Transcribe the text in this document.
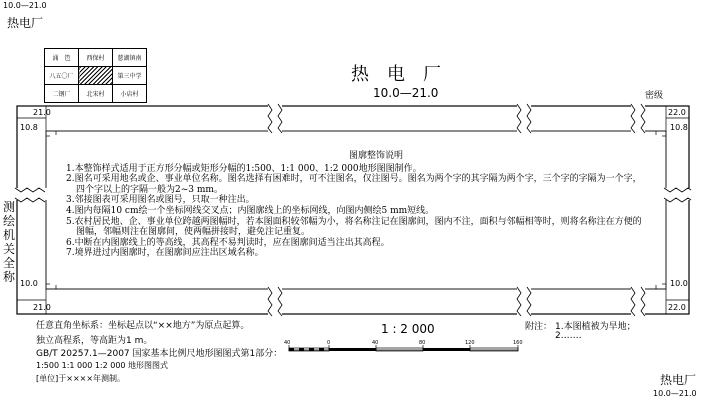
10.0—21.0
热电厂
涌　笆	西保村	慈湖镇南
八五〇厂		第三中学
二钢厂	北宋村	小店村
热　电　厂
10.0—21.0	密级
21.0
10.8
22.0
10.8
10.0
21.0
10.0
22.0
测绘机关全称
图廓整饰说明
1.本整饰样式适用于正方形分幅或矩形分幅的1:500、1:1 000、1:2 000地形图图制作。
2.图名可采用地名或企、事业单位名称。图名选择有困难时，可不注图名，仅注图号。图名为两个字的其字隔为两个字，三个字的字隔为一个字，
四个字以上的字隔一般为2~3 mm。
3.邻接图表可采用图名或图号，只取一种注出。
4.图内每隔10 cm绘一个坐标网线交叉点；内图廓线上的坐标网线，向图内侧绘5 mm短线。
5.农村居民地、企、事业单位跨越两图幅时，若本图面积较邻幅为小，将名称注记在图廓间，图内不注，面积与邻幅相等时，则将名称注在方便的
图幅，邻幅则注在图廓间，使两幅拼接时，避免注记重复。
6.中断在内图廓线上的等高线，其高程不易判读时，应在图廓间适当注出其高程。
7.境界进过内图廓时，在图廓间应注出区域名称。
任意直角坐标系：坐标起点以“××地方”为原点起算。
独立高程系，等高距为1 m。
GB/T 20257.1—2007 国家基本比例尺地形图图式第1部分：
1:500 1:1 000 1:2 000 地形图图式
[单位]于××××年测制。
1 : 2 000
40	0	40	80	120	160
附注： 1.本图植被为旱地；
2.……
热电厂
10.0—21.0
